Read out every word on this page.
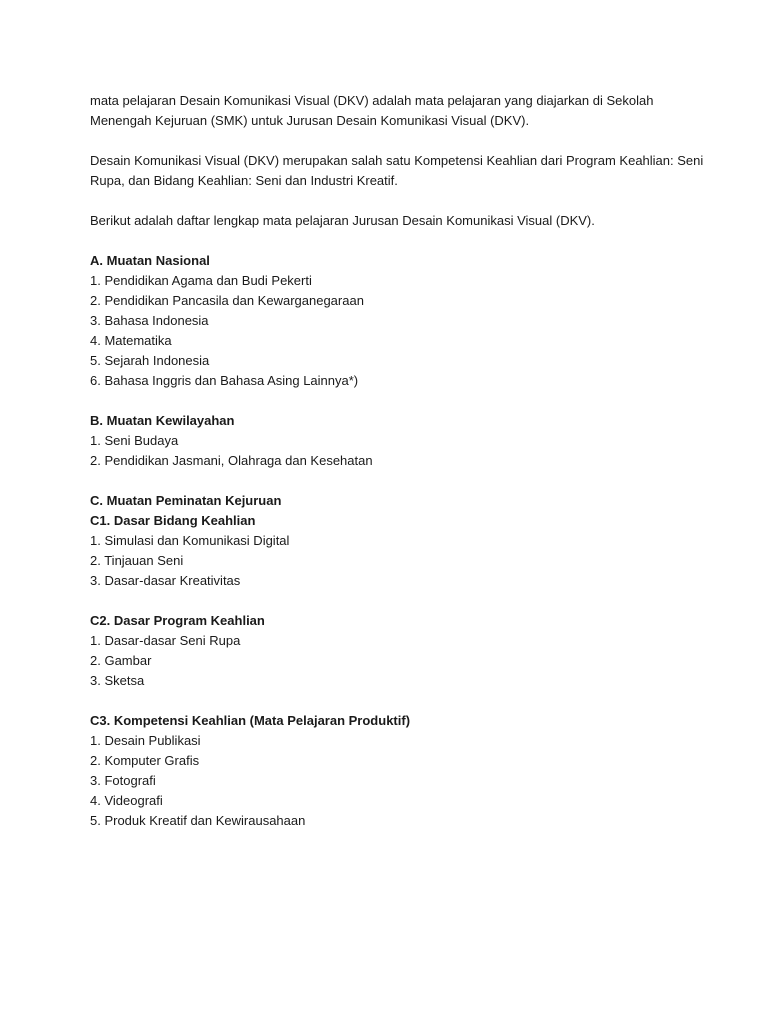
mata pelajaran Desain Komunikasi Visual (DKV) adalah mata pelajaran yang diajarkan di Sekolah
Menengah Kejuruan (SMK) untuk Jurusan Desain Komunikasi Visual (DKV).

Desain Komunikasi Visual (DKV) merupakan salah satu Kompetensi Keahlian dari Program Keahlian: Seni
Rupa, dan Bidang Keahlian: Seni dan Industri Kreatif.

Berikut adalah daftar lengkap mata pelajaran Jurusan Desain Komunikasi Visual (DKV).

A. Muatan Nasional
1. Pendidikan Agama dan Budi Pekerti
2. Pendidikan Pancasila dan Kewarganegaraan
3. Bahasa Indonesia
4. Matematika
5. Sejarah Indonesia
6. Bahasa Inggris dan Bahasa Asing Lainnya*)
B. Muatan Kewilayahan
1. Seni Budaya
2. Pendidikan Jasmani, Olahraga dan Kesehatan
C. Muatan Peminatan Kejuruan
C1. Dasar Bidang Keahlian
1. Simulasi dan Komunikasi Digital
2. Tinjauan Seni
3. Dasar-dasar Kreativitas
C2. Dasar Program Keahlian
1. Dasar-dasar Seni Rupa
2. Gambar
3. Sketsa
C3. Kompetensi Keahlian (Mata Pelajaran Produktif)
1. Desain Publikasi
2. Komputer Grafis
3. Fotografi
4. Videografi
5. Produk Kreatif dan Kewirausahaan
